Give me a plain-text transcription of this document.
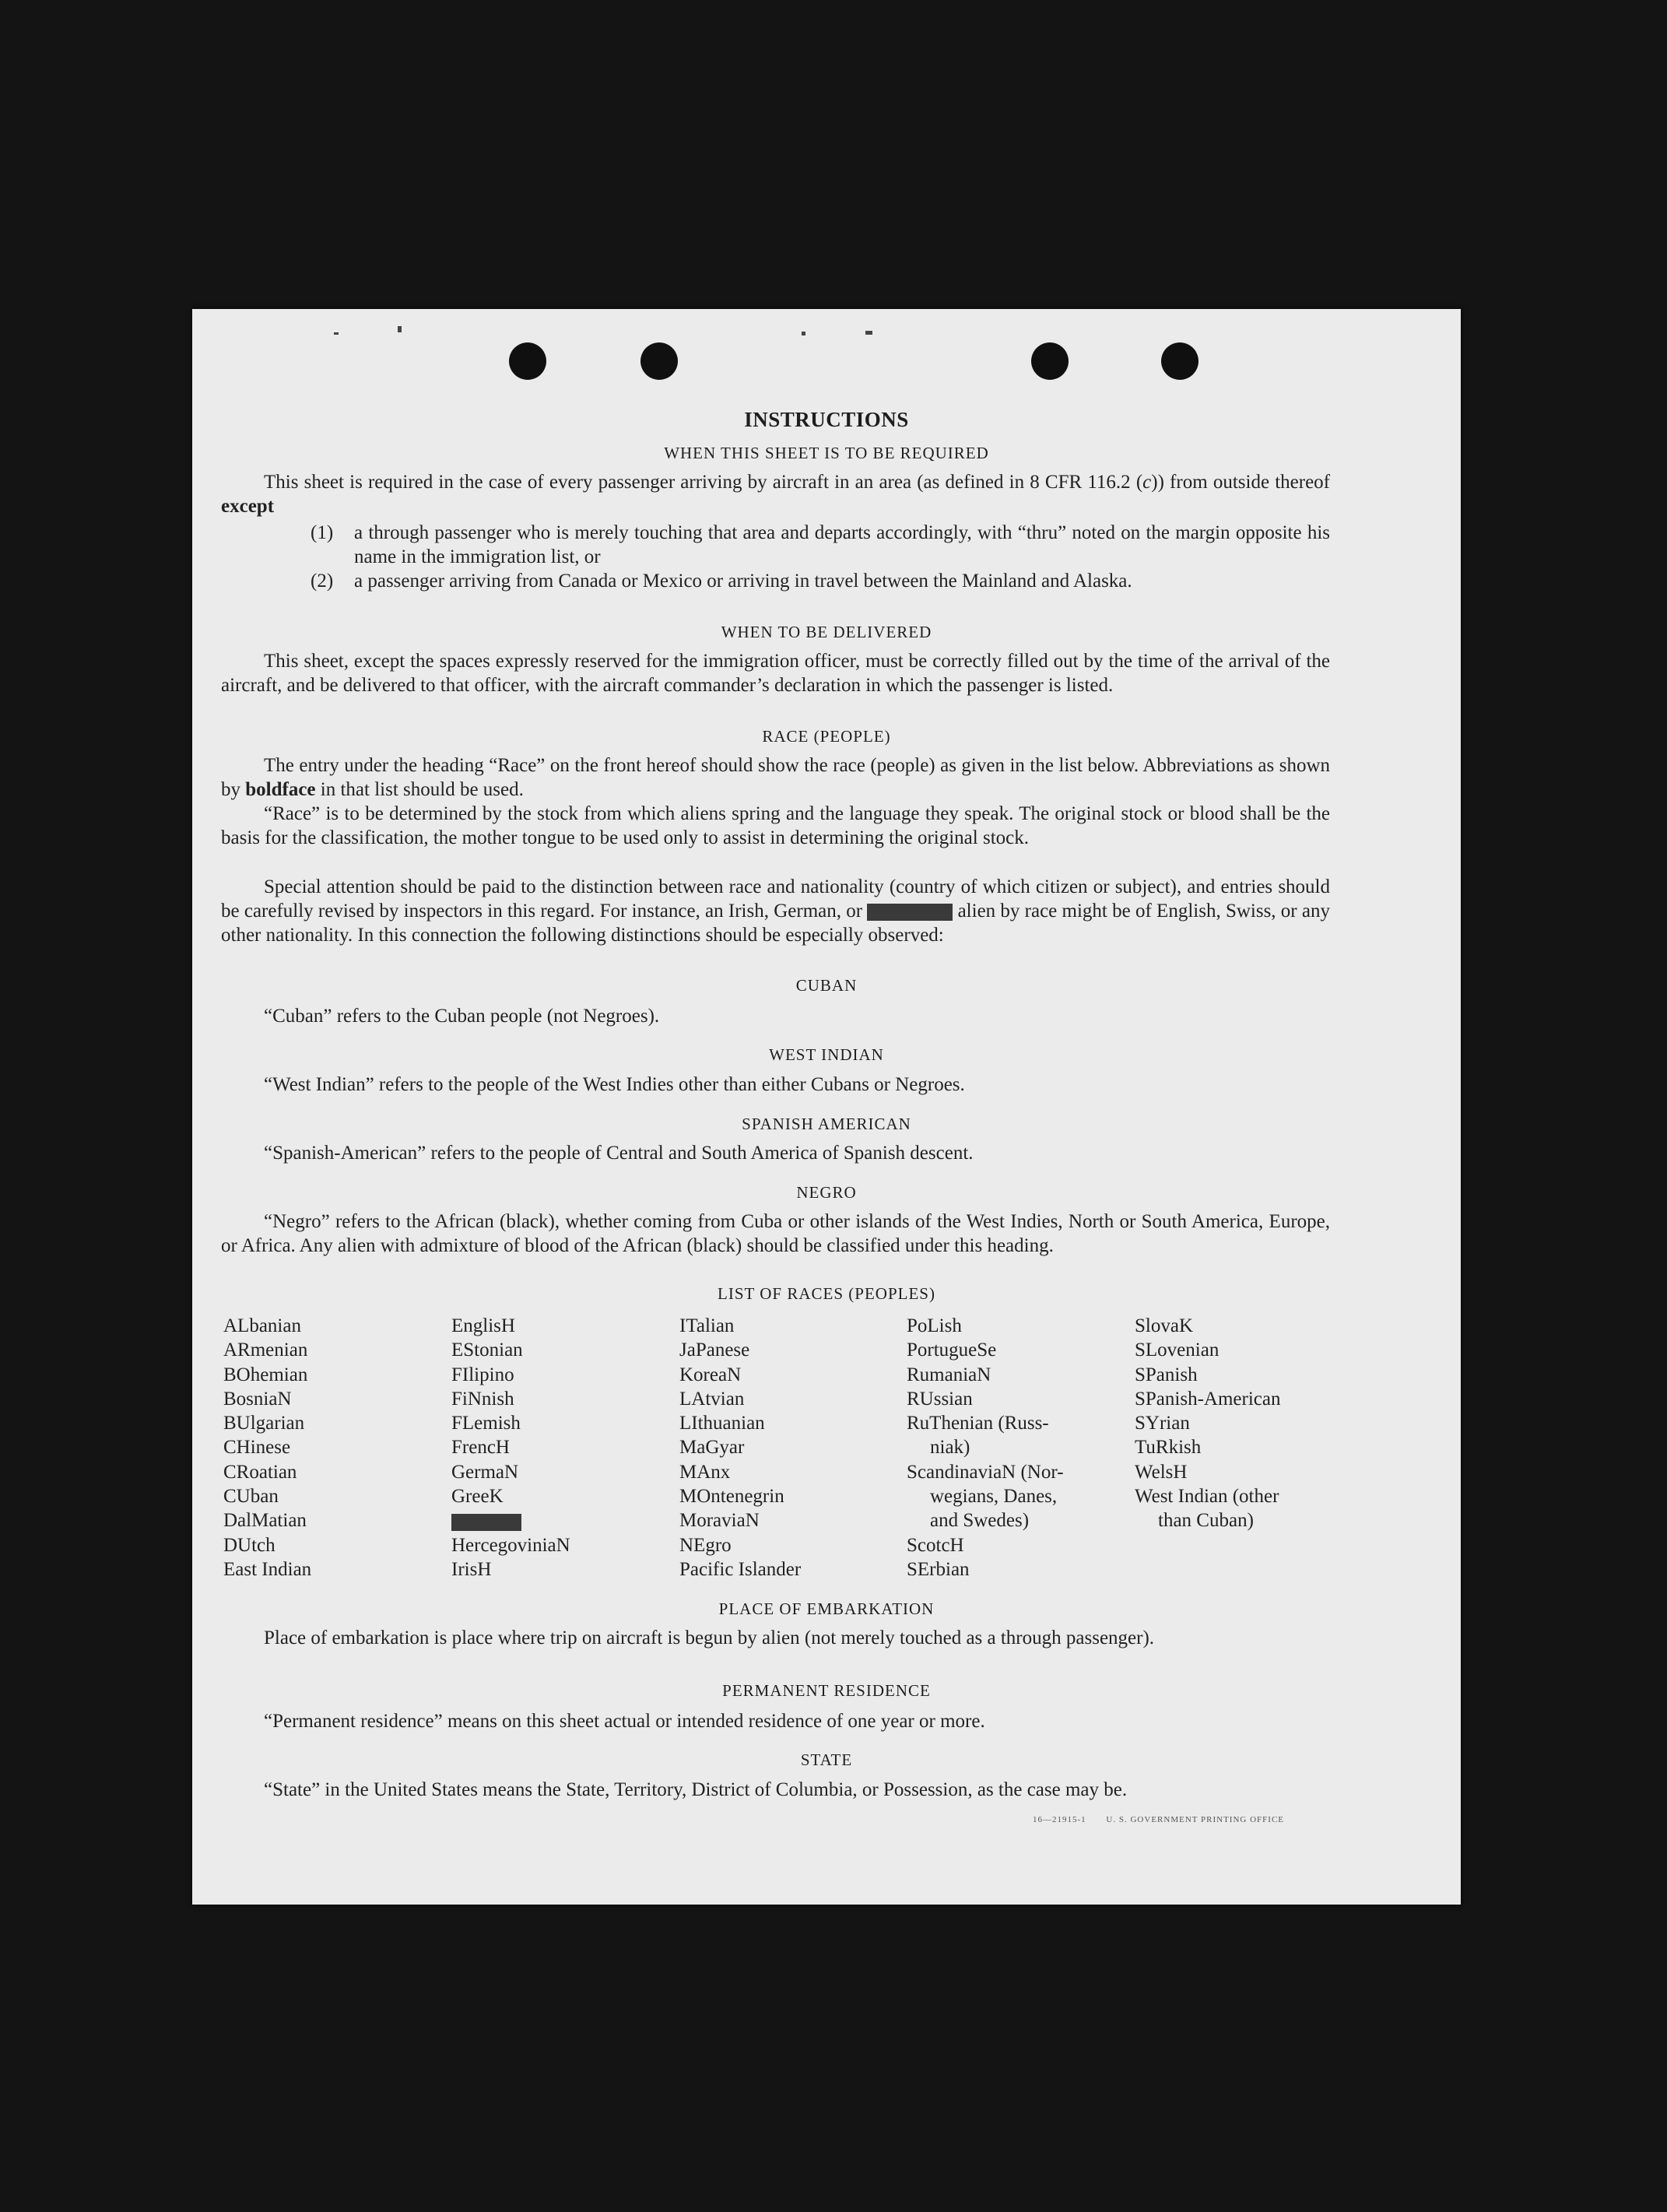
INSTRUCTIONS
WHEN THIS SHEET IS TO BE REQUIRED
This sheet is required in the case of every passenger arriving by aircraft in an area (as defined in 8 CFR 116.2 (c)) from outside thereof except
(1) a through passenger who is merely touching that area and departs accordingly, with “thru” noted on the margin opposite his name in the immigration list, or
(2) a passenger arriving from Canada or Mexico or arriving in travel between the Mainland and Alaska.
WHEN TO BE DELIVERED
This sheet, except the spaces expressly reserved for the immigration officer, must be correctly filled out by the time of the arrival of the aircraft, and be delivered to that officer, with the aircraft commander’s declaration in which the passenger is listed.
RACE (PEOPLE)
The entry under the heading “Race” on the front hereof should show the race (people) as given in the list below. Abbreviations as shown by boldface in that list should be used.
“Race” is to be determined by the stock from which aliens spring and the language they speak. The original stock or blood shall be the basis for the classification, the mother tongue to be used only to assist in determining the original stock.
Special attention should be paid to the distinction between race and nationality (country of which citizen or subject), and entries should be carefully revised by inspectors in this regard. For instance, an Irish, German, or	alien by race might be of English, Swiss, or any other nationality. In this connection the following distinctions should be especially observed:
CUBAN
“Cuban” refers to the Cuban people (not Negroes).
WEST INDIAN
“West Indian” refers to the people of the West Indies other than either Cubans or Negroes.
SPANISH AMERICAN
“Spanish-American” refers to the people of Central and South America of Spanish descent.
NEGRO
“Negro” refers to the African (black), whether coming from Cuba or other islands of the West Indies, North or South America, Europe, or Africa. Any alien with admixture of blood of the African (black) should be classified under this heading.
LIST OF RACES (PEOPLES)
ALbanian
ARmenian
BOhemian
BosniaN
BUlgarian
CHinese
CRoatian
CUban
DalMatian
DUtch
East Indian
EnglisH
EStonian
FIlipino
FiNnish
FLemish
FrencH
GermaN
GreeK
HercegoviniaN
IrisH
ITalian
JaPanese
KoreaN
LAtvian
LIthuanian
MaGyar
MAnx
MOntenegrin
MoraviaN
NEgro
Pacific Islander
PoLish
PortugueSe
RumaniaN
RUssian
RuThenian (Russ-
niak)
ScandinaviaN (Nor-
wegians, Danes,
and Swedes)
ScotcH
SErbian
SlovaK
SLovenian
SPanish
SPanish-American
SYrian
TuRkish
WelsH
West Indian (other
than Cuban)
PLACE OF EMBARKATION
Place of embarkation is place where trip on aircraft is begun by alien (not merely touched as a through passenger).
PERMANENT RESIDENCE
“Permanent residence” means on this sheet actual or intended residence of one year or more.
STATE
“State” in the United States means the State, Territory, District of Columbia, or Possession, as the case may be.
16—21915-1 U. S. GOVERNMENT PRINTING OFFICE
